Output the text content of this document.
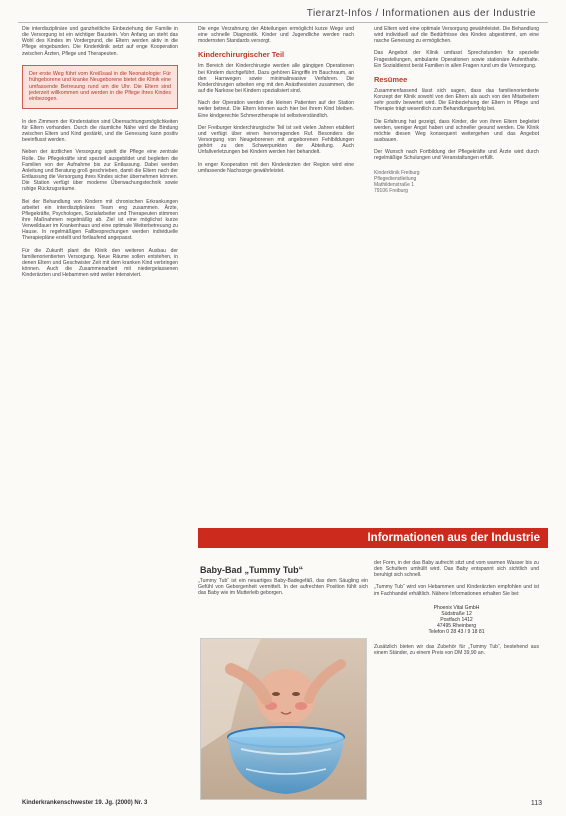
Tierarzt-Infos / Informationen aus der Industrie

Die interdisziplinäre und ganzheitliche Einbeziehung der Familie in die Versorgung ist ein wichtiger Baustein. Von Anfang an steht das Wohl des Kindes im Vordergrund, die Eltern werden aktiv in die Pflege eingebunden. Die Kinderklinik setzt auf enge Kooperation zwischen Ärzten, Pflege und Therapeuten.

Der erste Weg führt vom Kreißsaal in die Neonatologie: Für frühgeborene und kranke Neugeborene bietet die Klinik eine umfassende Betreuung rund um die Uhr. Die Eltern sind jederzeit willkommen und werden in die Pflege ihres Kindes einbezogen.

In den Zimmern der Kinderstation sind Übernachtungsmöglichkeiten für Eltern vorhanden. Durch die räumliche Nähe wird die Bindung zwischen Eltern und Kind gestärkt, und die Genesung kann positiv beeinflusst werden.

Neben der ärztlichen Versorgung spielt die Pflege eine zentrale Rolle. Die Pflegekräfte sind speziell ausgebildet und begleiten die Familien von der Aufnahme bis zur Entlassung. Dabei werden Anleitung und Beratung groß geschrieben, damit die Eltern nach der Entlassung die Versorgung ihres Kindes sicher übernehmen können. Die Station verfügt über moderne Überwachungstechnik sowie ruhige Rückzugsräume.

Bei der Behandlung von Kindern mit chronischen Erkrankungen arbeitet ein interdisziplinäres Team eng zusammen. Ärzte, Pflegekräfte, Psychologen, Sozialarbeiter und Therapeuten stimmen ihre Maßnahmen regelmäßig ab. Ziel ist eine möglichst kurze Verweildauer im Krankenhaus und eine optimale Weiterbetreuung zu Hause. In regelmäßigen Fallbesprechungen werden individuelle Therapiepläne erstellt und fortlaufend angepasst.

Für die Zukunft plant die Klinik den weiteren Ausbau der familienorientierten Versorgung. Neue Räume sollen entstehen, in denen Eltern und Geschwister Zeit mit dem kranken Kind verbringen können. Auch die Zusammenarbeit mit niedergelassenen Kinderärzten und Hebammen wird weiter intensiviert.

Die enge Verzahnung der Abteilungen ermöglicht kurze Wege und eine schnelle Diagnostik. Kinder und Jugendliche werden nach modernsten Standards versorgt.

Kinderchirurgischer Teil

Im Bereich der Kinderchirurgie werden alle gängigen Operationen bei Kindern durchgeführt. Dazu gehören Eingriffe im Bauchraum, an den Harnwegen sowie minimalinvasive Verfahren. Die Kinderchirurgen arbeiten eng mit den Anästhesisten zusammen, die auf die Narkose bei Kindern spezialisiert sind.

Nach der Operation werden die kleinen Patienten auf der Station weiter betreut. Die Eltern können auch hier bei ihrem Kind bleiben. Eine kindgerechte Schmerztherapie ist selbstverständlich.

Der Freiburger kinderchirurgische Teil ist seit vielen Jahren etabliert und verfügt über einen hervorragenden Ruf. Besonders die Versorgung von Neugeborenen mit angeborenen Fehlbildungen gehört zu den Schwerpunkten der Abteilung. Auch Unfallverletzungen bei Kindern werden hier behandelt.

In enger Kooperation mit den Kinderärzten der Region wird eine umfassende Nachsorge gewährleistet.

und Eltern wird eine optimale Versorgung gewährleistet. Die Behandlung wird individuell auf die Bedürfnisse des Kindes abgestimmt, um eine rasche Genesung zu ermöglichen.

Das Angebot der Klinik umfasst Sprechstunden für spezielle Fragestellungen, ambulante Operationen sowie stationäre Aufenthalte. Ein Sozialdienst berät Familien in allen Fragen rund um die Versorgung.

Resümee

Zusammenfassend lässt sich sagen, dass das familienorientierte Konzept der Klinik sowohl von den Eltern als auch von den Mitarbeitern sehr positiv bewertet wird. Die Einbeziehung der Eltern in Pflege und Therapie trägt wesentlich zum Behandlungserfolg bei.

Die Erfahrung hat gezeigt, dass Kinder, die von ihren Eltern begleitet werden, weniger Angst haben und schneller gesund werden. Die Klinik möchte diesen Weg konsequent weitergehen und das Angebot ausbauen.

Der Wunsch nach Fortbildung der Pflegekräfte und Ärzte wird durch regelmäßige Schulungen und Veranstaltungen erfüllt.

Kinderklinik Freiburg
Pflegedienstleitung
Mathildenstraße 1
79106 Freiburg
Informationen aus der Industrie
Baby-Bad „Tummy Tub“

„Tummy Tub“ ist ein neuartiges Baby-Badegefäß, das dem Säugling ein Gefühl von Geborgenheit vermittelt. In der aufrechten Position fühlt sich das Baby wie im Mutterleib geborgen.

der Form, in der das Baby aufrecht sitzt und vom warmen Wasser bis zu den Schultern umhüllt wird. Das Baby entspannt sich sichtlich und beruhigt sich schnell.

„Tummy Tub“ wird von Hebammen und Kinderärzten empfohlen und ist im Fachhandel erhältlich. Nähere Informationen erhalten Sie bei:

Phoenix Vital GmbH
Südstraße 12
Postfach 1412
47495 Rheinberg
Telefon 0 28 43 / 9 18 81

Zusätzlich bieten wir das Zubehör für „Tummy Tub“, bestehend aus einem Ständer, zu einem Preis von DM 39,90 an.

Kinderkrankenschwester 19. Jg. (2000) Nr. 3	113
